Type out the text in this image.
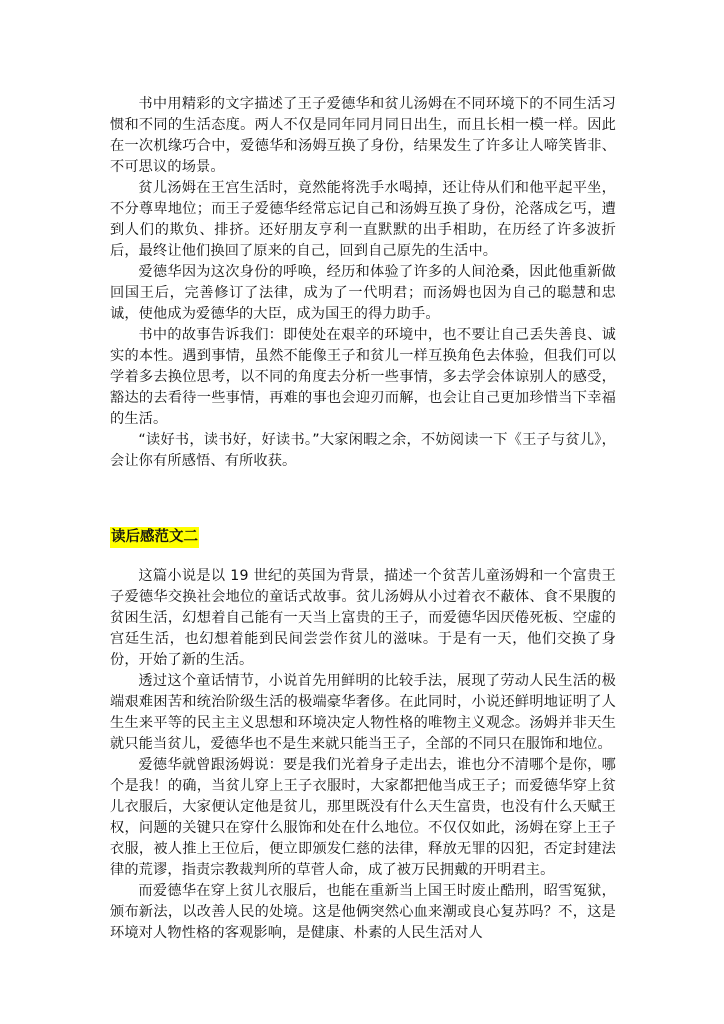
书中用精彩的文字描述了王子爱德华和贫儿汤姆在不同环境下的不同生活习惯和不同的生活态度。两人不仅是同年同月同日出生，而且长相一模一样。因此在一次机缘巧合中，爱德华和汤姆互换了身份，结果发生了许多让人啼笑皆非、不可思议的场景。

贫儿汤姆在王宫生活时，竟然能将洗手水喝掉，还让侍从们和他平起平坐，不分尊卑地位；而王子爱德华经常忘记自己和汤姆互换了身份，沦落成乞丐，遭到人们的欺负、排挤。还好朋友亨利一直默默的出手相助，在历经了许多波折后，最终让他们换回了原来的自己，回到自己原先的生活中。

爱德华因为这次身份的呼唤，经历和体验了许多的人间沧桑，因此他重新做回国王后，完善修订了法律，成为了一代明君；而汤姆也因为自己的聪慧和忠诚，使他成为爱德华的大臣，成为国王的得力助手。

书中的故事告诉我们：即使处在艰辛的环境中，也不要让自己丢失善良、诚实的本性。遇到事情，虽然不能像王子和贫儿一样互换角色去体验，但我们可以学着多去换位思考，以不同的角度去分析一些事情，多去学会体谅别人的感受，豁达的去看待一些事情，再难的事也会迎刃而解，也会让自己更加珍惜当下幸福的生活。

“读好书，读书好，好读书。”大家闲暇之余，不妨阅读一下《王子与贫儿》，会让你有所感悟、有所收获。

读后感范文二

这篇小说是以 19 世纪的英国为背景，描述一个贫苦儿童汤姆和一个富贵王子爱德华交换社会地位的童话式故事。贫儿汤姆从小过着衣不蔽体、食不果腹的贫困生活，幻想着自己能有一天当上富贵的王子，而爱德华因厌倦死板、空虚的宫廷生活，也幻想着能到民间尝尝作贫儿的滋味。于是有一天，他们交换了身份，开始了新的生活。

透过这个童话情节，小说首先用鲜明的比较手法，展现了劳动人民生活的极端艰难困苦和统治阶级生活的极端豪华奢侈。在此同时，小说还鲜明地证明了人生生来平等的民主主义思想和环境决定人物性格的唯物主义观念。汤姆并非天生就只能当贫儿，爱德华也不是生来就只能当王子，全部的不同只在服饰和地位。

爱德华就曾跟汤姆说：要是我们光着身子走出去，谁也分不清哪个是你，哪个是我！的确，当贫儿穿上王子衣服时，大家都把他当成王子；而爱德华穿上贫儿衣服后，大家便认定他是贫儿，那里既没有什么天生富贵，也没有什么天赋王权，问题的关键只在穿什么服饰和处在什么地位。不仅仅如此，汤姆在穿上王子衣服，被人推上王位后，便立即颁发仁慈的法律，释放无罪的囚犯，否定封建法律的荒谬，指责宗教裁判所的草菅人命，成了被万民拥戴的开明君主。

而爱德华在穿上贫儿衣服后，也能在重新当上国王时废止酷刑，昭雪冤狱，颁布新法，以改善人民的处境。这是他俩突然心血来潮或良心复苏吗？不，这是环境对人物性格的客观影响，是健康、朴素的人民生活对人
